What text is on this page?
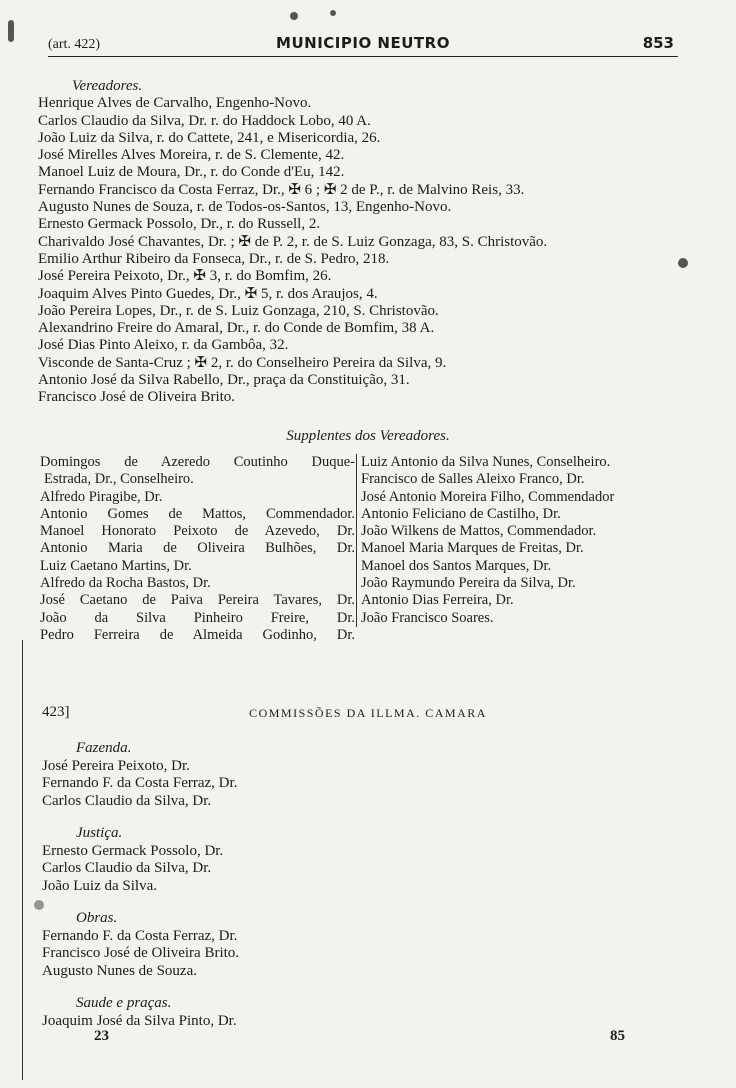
(art. 422)	MUNICIPIO NEUTRO	853
Vereadores.
Henrique Alves de Carvalho, Engenho-Novo.
Carlos Claudio da Silva, Dr. r. do Haddock Lobo, 40 A.
João Luiz da Silva, r. do Cattete, 241, e Misericordia, 26.
José Mirelles Alves Moreira, r. de S. Clemente, 42.
Manoel Luiz de Moura, Dr., r. do Conde d'Eu, 142.
Fernando Francisco da Costa Ferraz, Dr., ✠ 6 ; ✠ 2 de P., r. de Malvino Reis, 33.
Augusto Nunes de Souza, r. de Todos-os-Santos, 13, Engenho-Novo.
Ernesto Germack Possolo, Dr., r. do Russell, 2.
Charivaldo José Chavantes, Dr. ; ✠ de P. 2, r. de S. Luiz Gonzaga, 83, S. Christovão.
Emilio Arthur Ribeiro da Fonseca, Dr., r. de S. Pedro, 218.
José Pereira Peixoto, Dr., ✠ 3, r. do Bomfim, 26.
Joaquim Alves Pinto Guedes, Dr., ✠ 5, r. dos Araujos, 4.
João Pereira Lopes, Dr., r. de S. Luiz Gonzaga, 210, S. Christovão.
Alexandrino Freire do Amaral, Dr., r. do Conde de Bomfim, 38 A.
José Dias Pinto Aleixo, r. da Gambôa, 32.
Visconde de Santa-Cruz ; ✠ 2, r. do Conselheiro Pereira da Silva, 9.
Antonio José da Silva Rabello, Dr., praça da Constituição, 31.
Francisco José de Oliveira Brito.
Supplentes dos Vereadores.
Domingos de Azeredo Coutinho Duque-
Estrada, Dr., Conselheiro.
Alfredo Piragibe, Dr.
Antonio Gomes de Mattos, Commendador.
Manoel Honorato Peixoto de Azevedo, Dr.
Antonio Maria de Oliveira Bulhões, Dr.
Luiz Caetano Martins, Dr.
Alfredo da Rocha Bastos, Dr.
José Caetano de Paiva Pereira Tavares, Dr.
João da Silva Pinheiro Freire, Dr.
Pedro Ferreira de Almeida Godinho, Dr.
Luiz Antonio da Silva Nunes, Conselheiro.
Francisco de Salles Aleixo Franco, Dr.
José Antonio Moreira Filho, Commendador
Antonio Feliciano de Castilho, Dr.
João Wilkens de Mattos, Commendador.
Manoel Maria Marques de Freitas, Dr.
Manoel dos Santos Marques, Dr.
João Raymundo Pereira da Silva, Dr.
Antonio Dias Ferreira, Dr.
João Francisco Soares.
423]	COMMISSÕES DA ILLMA. CAMARA
Fazenda.
José Pereira Peixoto, Dr.
Fernando F. da Costa Ferraz, Dr.
Carlos Claudio da Silva, Dr.
Justiça.
Ernesto Germack Possolo, Dr.
Carlos Claudio da Silva, Dr.
João Luiz da Silva.
Obras.
Fernando F. da Costa Ferraz, Dr.
Francisco José de Oliveira Brito.
Augusto Nunes de Souza.
Saude e praças.
Joaquim José da Silva Pinto, Dr.
23	85
